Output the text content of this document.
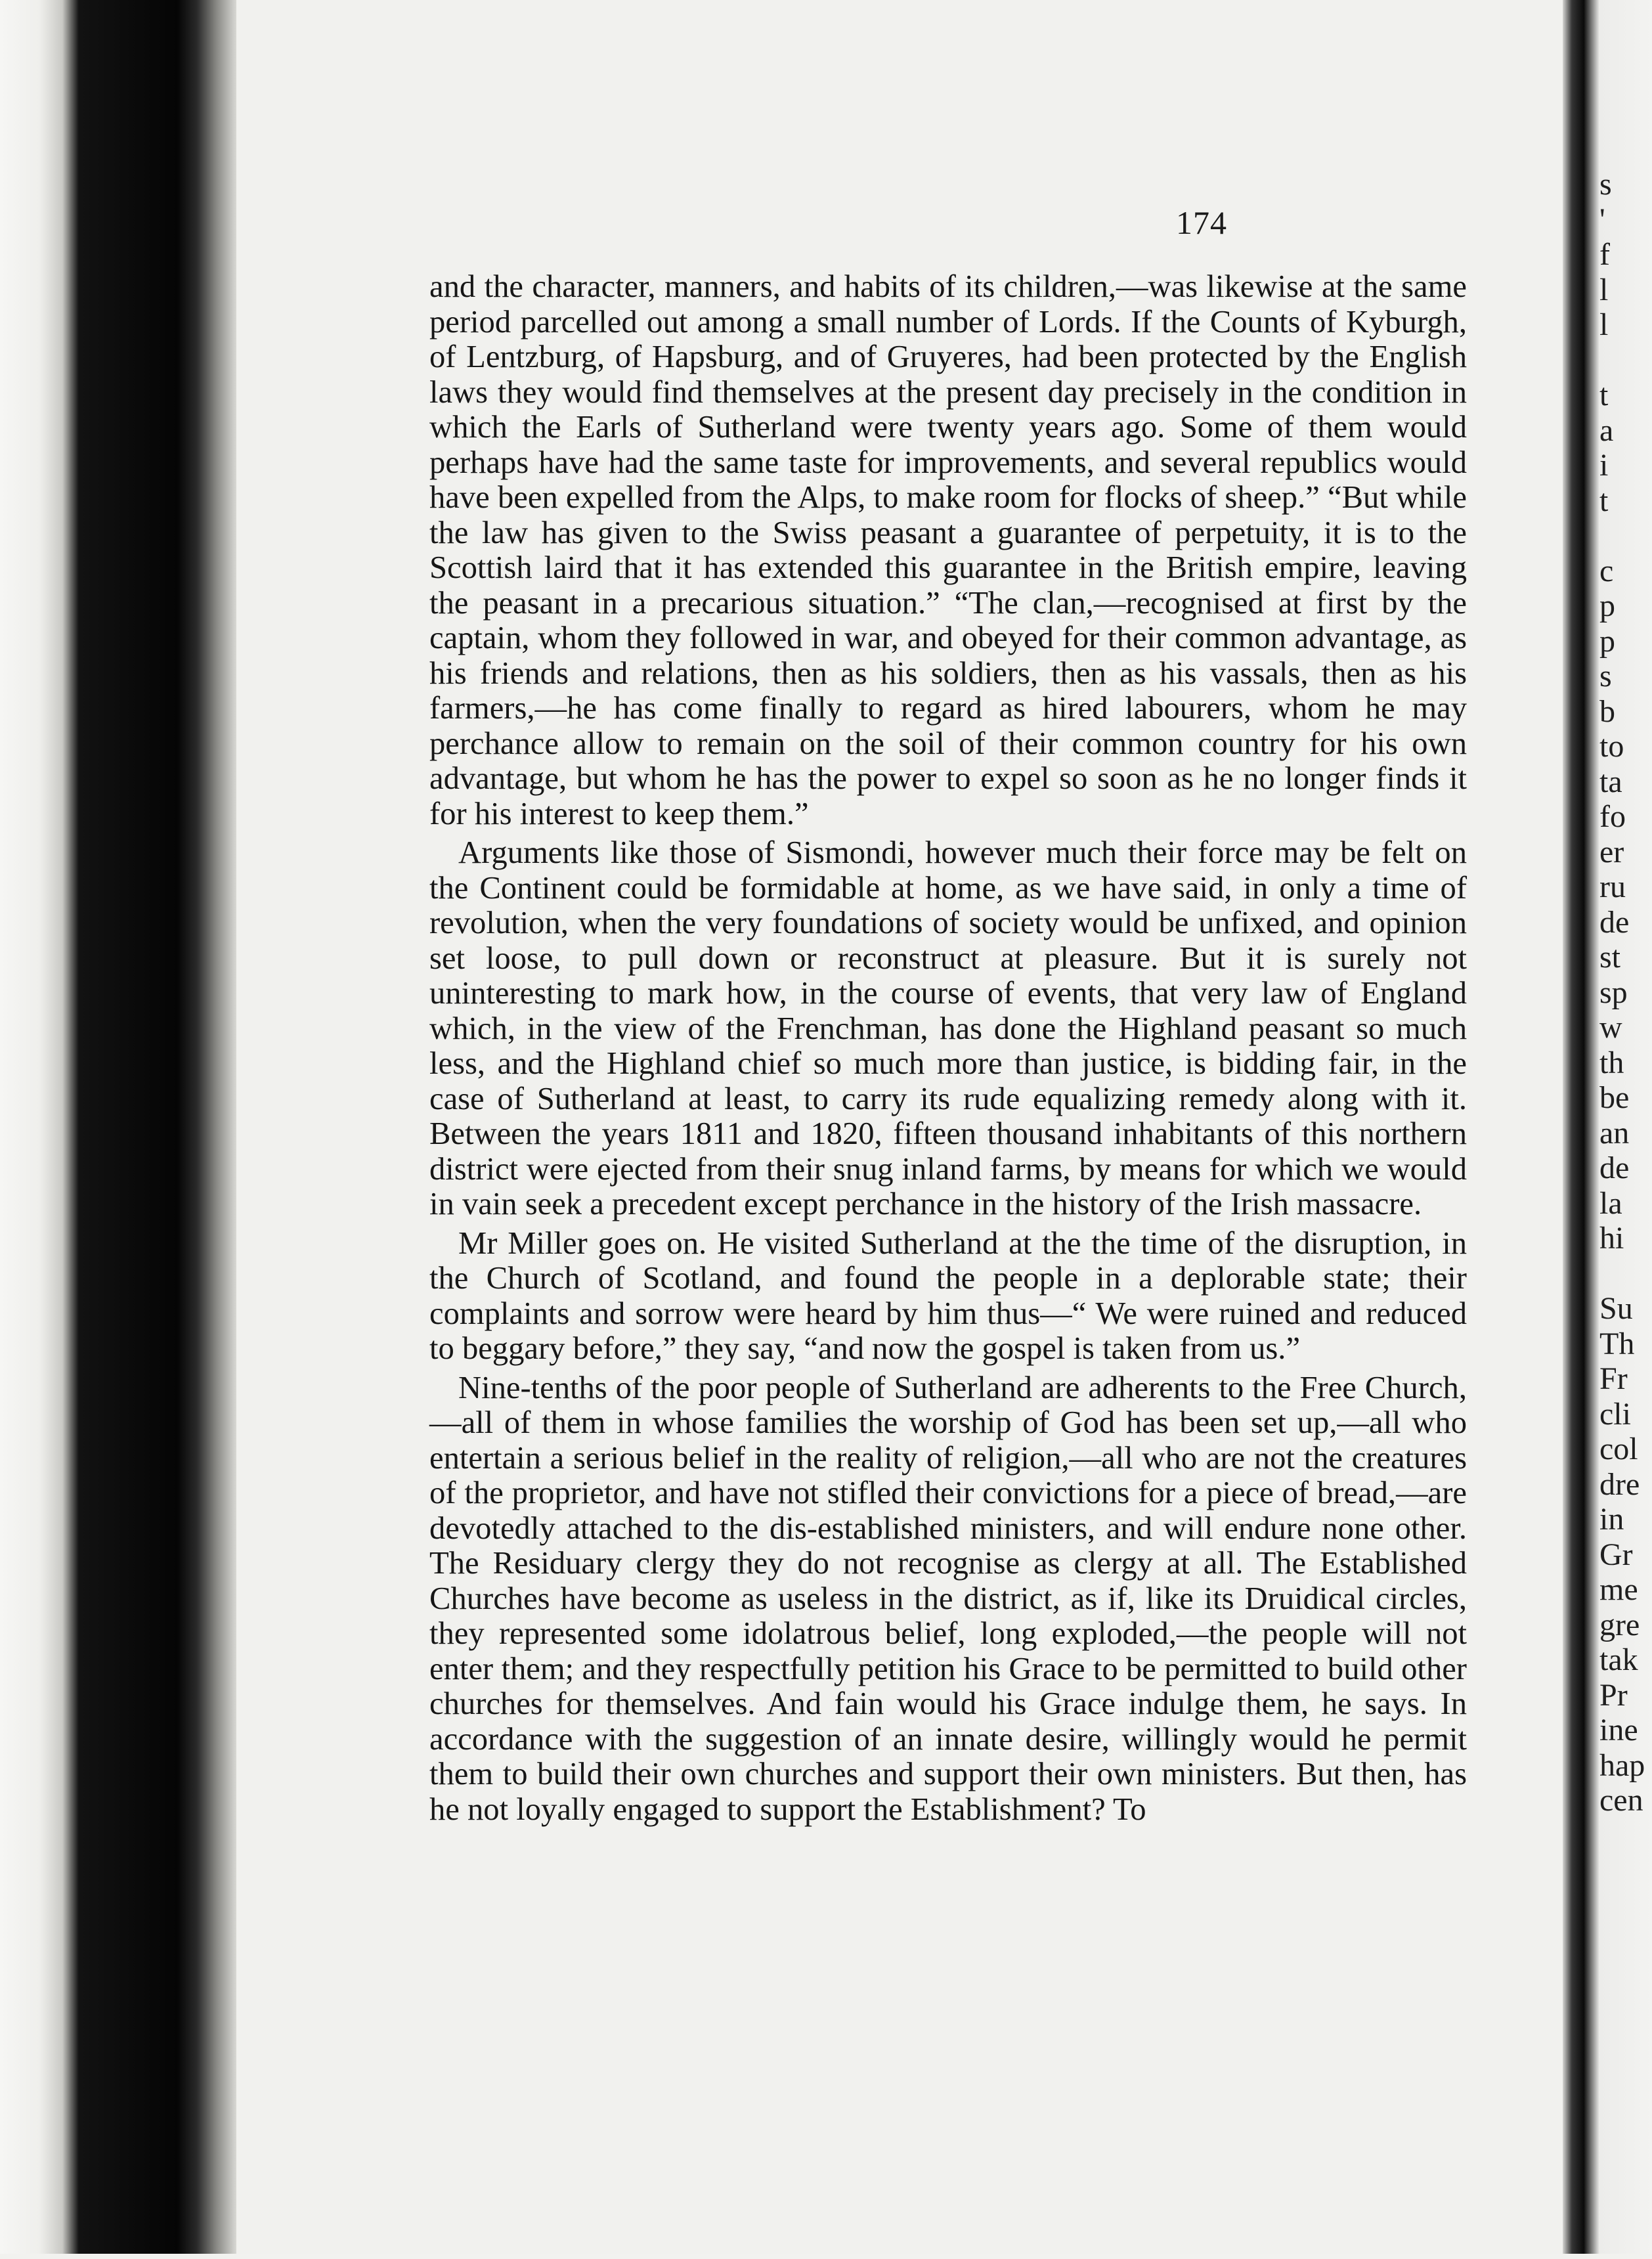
174

and the character, manners, and habits of its children,—was likewise at the same period parcelled out among a small number of Lords. If the Counts of Kyburgh, of Lentzburg, of Hapsburg, and of Gruyeres, had been protected by the English laws they would find themselves at the present day precisely in the condition in which the Earls of Sutherland were twenty years ago. Some of them would perhaps have had the same taste for improvements, and several republics would have been expelled from the Alps, to make room for flocks of sheep.” “But while the law has given to the Swiss peasant a guarantee of perpetuity, it is to the Scottish laird that it has extended this guarantee in the British empire, leaving the peasant in a precarious situation.” “The clan,—recognised at first by the captain, whom they followed in war, and obeyed for their common advantage, as his friends and relations, then as his soldiers, then as his vassals, then as his farmers,—he has come finally to regard as hired labourers, whom he may perchance allow to remain on the soil of their common country for his own advantage, but whom he has the power to expel so soon as he no longer finds it for his interest to keep them.”

Arguments like those of Sismondi, however much their force may be felt on the Continent could be formidable at home, as we have said, in only a time of revolution, when the very foundations of society would be unfixed, and opinion set loose, to pull down or reconstruct at pleasure. But it is surely not uninteresting to mark how, in the course of events, that very law of England which, in the view of the Frenchman, has done the Highland peasant so much less, and the Highland chief so much more than justice, is bidding fair, in the case of Sutherland at least, to carry its rude equalizing remedy along with it. Between the years 1811 and 1820, fifteen thousand inhabitants of this northern district were ejected from their snug inland farms, by means for which we would in vain seek a precedent except perchance in the history of the Irish massacre.

Mr Miller goes on. He visited Sutherland at the the time of the disruption, in the Church of Scotland, and found the people in a deplorable state; their complaints and sorrow were heard by him thus—“ We were ruined and reduced to beggary before,” they say, “and now the gospel is taken from us.”

Nine-tenths of the poor people of Sutherland are adherents to the Free Church,—all of them in whose families the worship of God has been set up,—all who entertain a serious belief in the reality of religion,—all who are not the creatures of the proprietor, and have not stifled their convictions for a piece of bread,—are devotedly attached to the dis-established ministers, and will endure none other. The Residuary clergy they do not recognise as clergy at all. The Established Churches have become as useless in the district, as if, like its Druidical circles, they represented some idolatrous belief, long exploded,—the people will not enter them; and they respectfully petition his Grace to be permitted to build other churches for themselves. And fain would his Grace indulge them, he says. In accordance with the suggestion of an innate desire, willingly would he permit them to build their own churches and support their own ministers. But then, has he not loyally engaged to support the Establishment? To

s
'
f
l
l

t
a
i
t

c
p
p
s
b
to
ta
fo
er
ru
de
st
sp
w
th
be
an
de
la
hi

Su
Th
Fr
cli
col
dre
in
Gr
me
gre
tak
Pr
ine
hap
cen
